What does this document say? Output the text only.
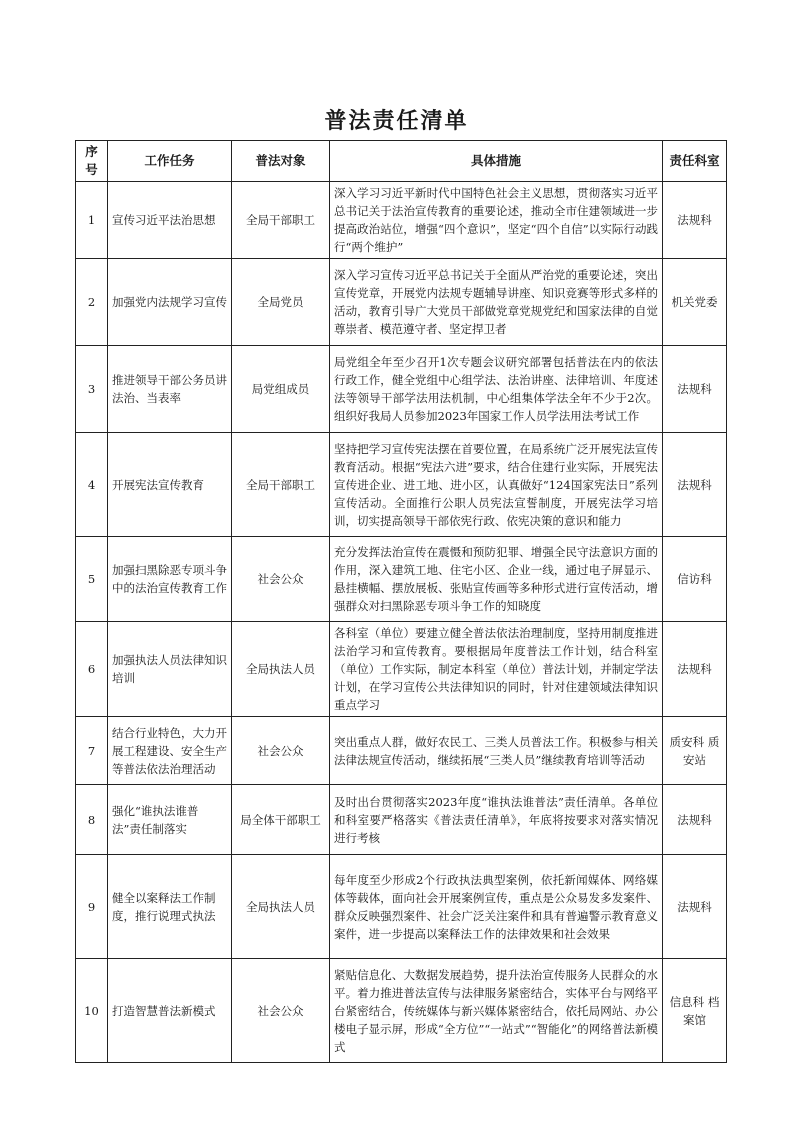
普法责任清单
序号	工作任务	普法对象	具体措施	责任科室
1	宣传习近平法治思想	全局干部职工	深入学习习近平新时代中国特色社会主义思想，贯彻落实习近平总书记关于法治宣传教育的重要论述，推动全市住建领域进一步提高政治站位，增强“四个意识”，坚定“四个自信”以实际行动践行“两个维护”	法规科
2	加强党内法规学习宣传	全局党员	深入学习宣传习近平总书记关于全面从严治党的重要论述，突出宣传党章，开展党内法规专题辅导讲座、知识竞赛等形式多样的活动，教育引导广大党员干部做党章党规党纪和国家法律的自觉尊崇者、模范遵守者、坚定捍卫者	机关党委
3	推进领导干部公务员讲法治、当表率	局党组成员	局党组全年至少召开1次专题会议研究部署包括普法在内的依法行政工作，健全党组中心组学法、法治讲座、法律培训、年度述法等领导干部学法用法机制，中心组集体学法全年不少于2次。组织好我局人员参加2023年国家工作人员学法用法考试工作	法规科
4	开展宪法宣传教育	全局干部职工	坚持把学习宣传宪法摆在首要位置，在局系统广泛开展宪法宣传教育活动。根据“宪法六进”要求，结合住建行业实际，开展宪法宣传进企业、进工地、进小区，认真做好“124国家宪法日”系列宣传活动。全面推行公职人员宪法宣誓制度，开展宪法学习培训，切实提高领导干部依宪行政、依宪决策的意识和能力	法规科
5	加强扫黑除恶专项斗争中的法治宣传教育工作	社会公众	充分发挥法治宣传在震慑和预防犯罪、增强全民守法意识方面的作用，深入建筑工地、住宅小区、企业一线，通过电子屏显示、悬挂横幅、摆放展板、张贴宣传画等多种形式进行宣传活动，增强群众对扫黑除恶专项斗争工作的知晓度	信访科
6	加强执法人员法律知识培训	全局执法人员	各科室（单位）要建立健全普法依法治理制度，坚持用制度推进法治学习和宣传教育。要根据局年度普法工作计划，结合科室（单位）工作实际，制定本科室（单位）普法计划，并制定学法计划，在学习宣传公共法律知识的同时，针对住建领域法律知识重点学习	法规科
7	结合行业特色，大力开展工程建设、安全生产等普法依法治理活动	社会公众	突出重点人群，做好农民工、三类人员普法工作。积极参与相关法律法规宣传活动，继续拓展“三类人员”继续教育培训等活动	质安科 质安站
8	强化“谁执法谁普法”责任制落实	局全体干部职工	及时出台贯彻落实2023年度“谁执法谁普法”责任清单。各单位和科室要严格落实《普法责任清单》，年底将按要求对落实情况进行考核	法规科
9	健全以案释法工作制度，推行说理式执法	全局执法人员	每年度至少形成2个行政执法典型案例，依托新闻媒体、网络媒体等载体，面向社会开展案例宣传，重点是公众易发多发案件、群众反映强烈案件、社会广泛关注案件和具有普遍警示教育意义案件，进一步提高以案释法工作的法律效果和社会效果	法规科
10	打造智慧普法新模式	社会公众	紧贴信息化、大数据发展趋势，提升法治宣传服务人民群众的水平。着力推进普法宣传与法律服务紧密结合，实体平台与网络平台紧密结合，传统媒体与新兴媒体紧密结合，依托局网站、办公楼电子显示屏，形成“全方位”“一站式”“智能化”的网络普法新模式	信息科 档案馆
